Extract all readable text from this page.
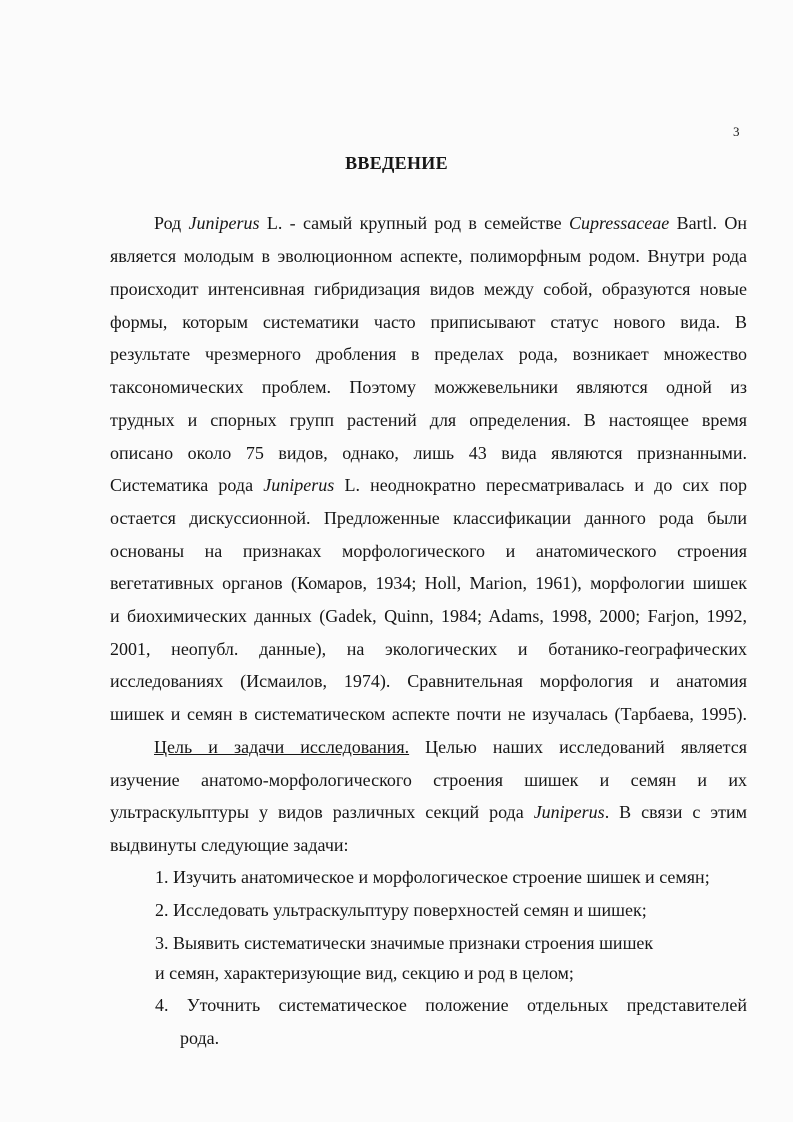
3
ВВЕДЕНИЕ
Род Juniperus L. - самый крупный род в семействе Cupressaceae Bartl. Он
является молодым в эволюционном аспекте, полиморфным родом. Внутри рода
происходит интенсивная гибридизация видов между собой, образуются новые
формы, которым систематики часто приписывают статус нового вида. В
результате чрезмерного дробления в пределах рода, возникает множество
таксономических проблем. Поэтому можжевельники являются одной из
трудных и спорных групп растений для определения. В настоящее время
описано около 75 видов, однако, лишь 43 вида являются признанными.
Систематика рода Juniperus L. неоднократно пересматривалась и до сих пор
остается дискуссионной. Предложенные классификации данного рода были
основаны на признаках морфологического и анатомического строения
вегетативных органов (Комаров, 1934; Holl, Marion, 1961), морфологии шишек
и биохимических данных (Gadek, Quinn, 1984; Adams, 1998, 2000; Farjon, 1992,
2001, неопубл. данные), на экологических и ботанико-географических
исследованиях (Исмаилов, 1974). Сравнительная морфология и анатомия
шишек и семян в систематическом аспекте почти не изучалась (Тарбаева, 1995).
Цель и задачи исследования. Целью наших исследований является
изучение анатомо-морфологического строения шишек и семян и их
ультраскульптуры у видов различных секций рода Juniperus. В связи с этим
выдвинуты следующие задачи:
1. Изучить анатомическое и морфологическое строение шишек и семян;
2. Исследовать ультраскульптуру поверхностей семян и шишек;
3. Выявить систематически значимые признаки строения шишек
и семян, характеризующие вид, секцию и род в целом;
4. Уточнить систематическое положение отдельных представителей
рода.
